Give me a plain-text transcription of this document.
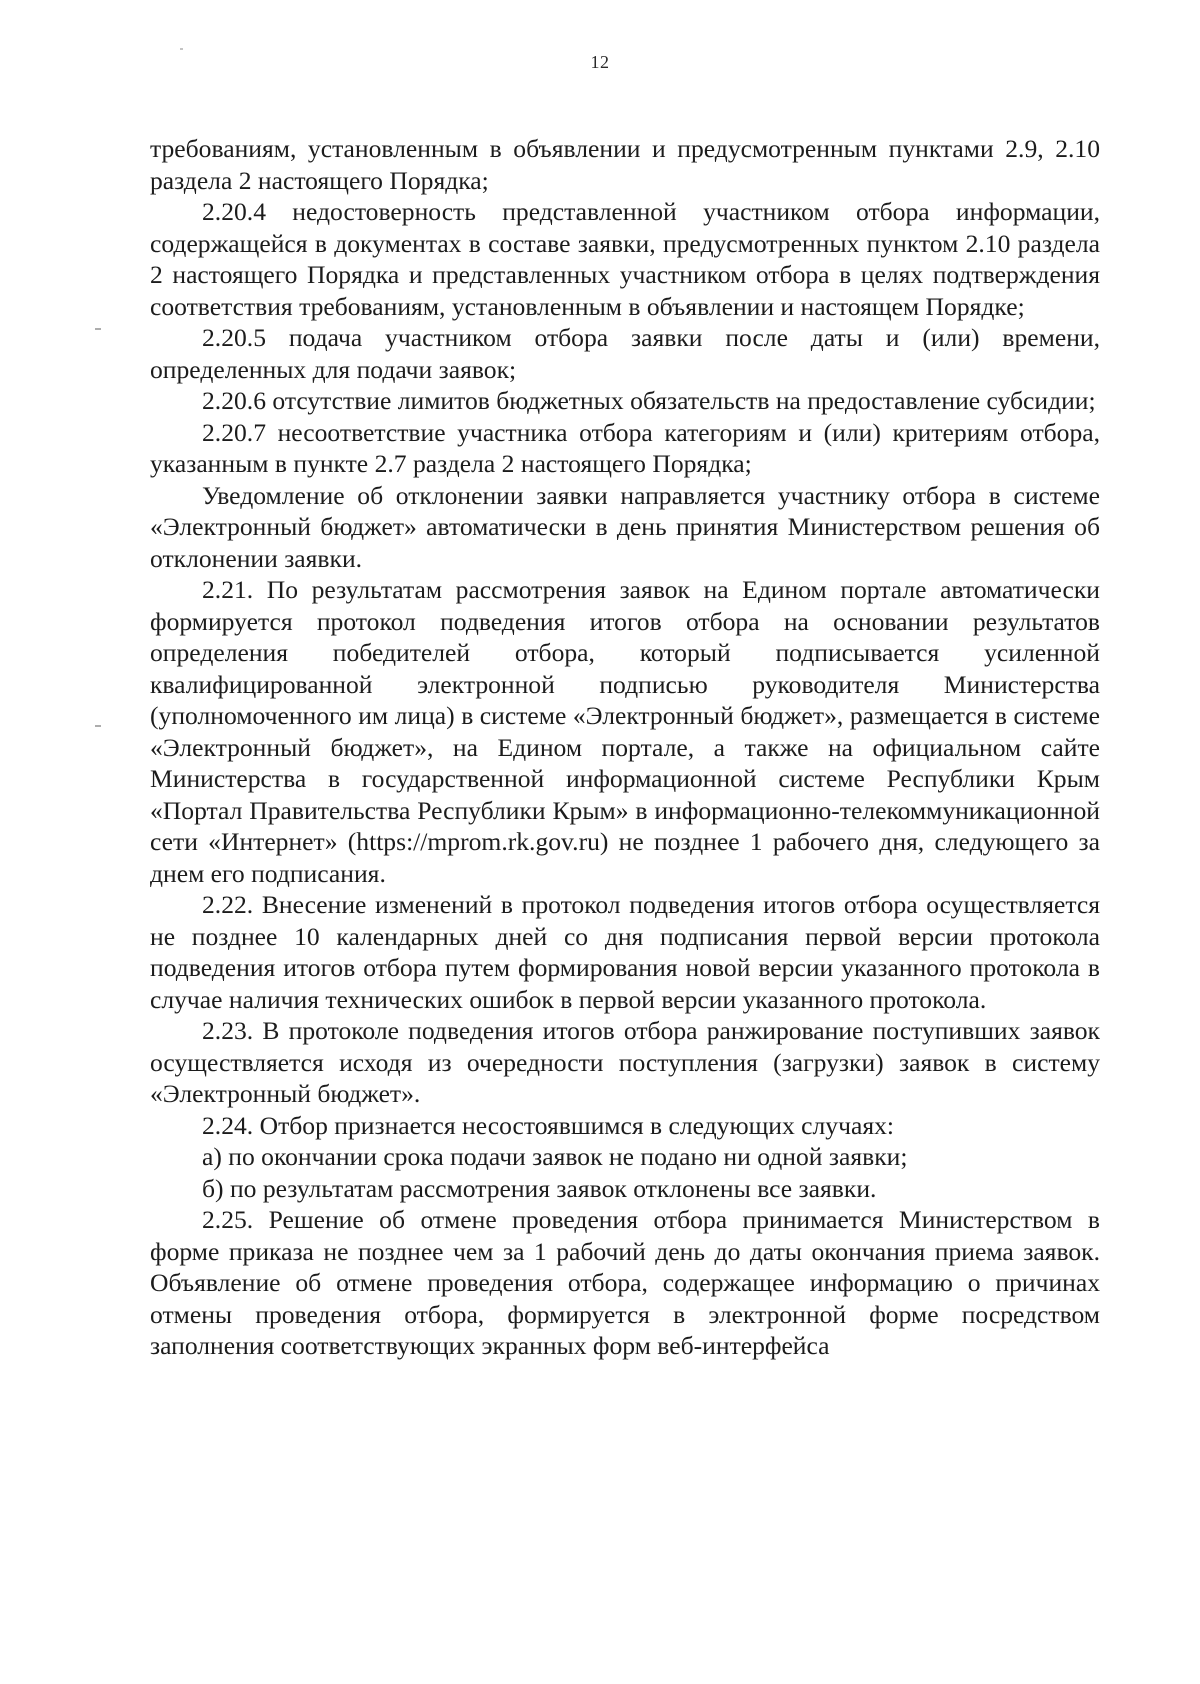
12

требованиям, установленным в объявлении и предусмотренным пунктами 2.9, 2.10 раздела 2 настоящего Порядка;

2.20.4 недостоверность представленной участником отбора информации, содержащейся в документах в составе заявки, предусмотренных пунктом 2.10 раздела 2 настоящего Порядка и представленных участником отбора в целях подтверждения соответствия требованиям, установленным в объявлении и настоящем Порядке;

2.20.5 подача участником отбора заявки после даты и (или) времени, определенных для подачи заявок;

2.20.6 отсутствие лимитов бюджетных обязательств на предоставление субсидии;

2.20.7 несоответствие участника отбора категориям и (или) критериям отбора, указанным в пункте 2.7 раздела 2 настоящего Порядка;

Уведомление об отклонении заявки направляется участнику отбора в системе «Электронный бюджет» автоматически в день принятия Министерством решения об отклонении заявки.

2.21. По результатам рассмотрения заявок на Едином портале автоматически формируется протокол подведения итогов отбора на основании результатов определения победителей отбора, который подписывается усиленной квалифицированной электронной подписью руководителя Министерства (уполномоченного им лица) в системе «Электронный бюджет», размещается в системе «Электронный бюджет», на Едином портале, а также на официальном сайте Министерства в государственной информационной системе Республики Крым «Портал Правительства Республики Крым» в информационно-телекоммуникационной сети «Интернет» (https://mprom.rk.gov.ru) не позднее 1 рабочего дня, следующего за днем его подписания.

2.22. Внесение изменений в протокол подведения итогов отбора осуществляется не позднее 10 календарных дней со дня подписания первой версии протокола подведения итогов отбора путем формирования новой версии указанного протокола в случае наличия технических ошибок в первой версии указанного протокола.

2.23. В протоколе подведения итогов отбора ранжирование поступивших заявок осуществляется исходя из очередности поступления (загрузки) заявок в систему «Электронный бюджет».

2.24. Отбор признается несостоявшимся в следующих случаях:

а) по окончании срока подачи заявок не подано ни одной заявки;

б) по результатам рассмотрения заявок отклонены все заявки.

2.25. Решение об отмене проведения отбора принимается Министерством в форме приказа не позднее чем за 1 рабочий день до даты окончания приема заявок. Объявление об отмене проведения отбора, содержащее информацию о причинах отмены проведения отбора, формируется в электронной форме посредством заполнения соответствующих экранных форм веб-интерфейса
